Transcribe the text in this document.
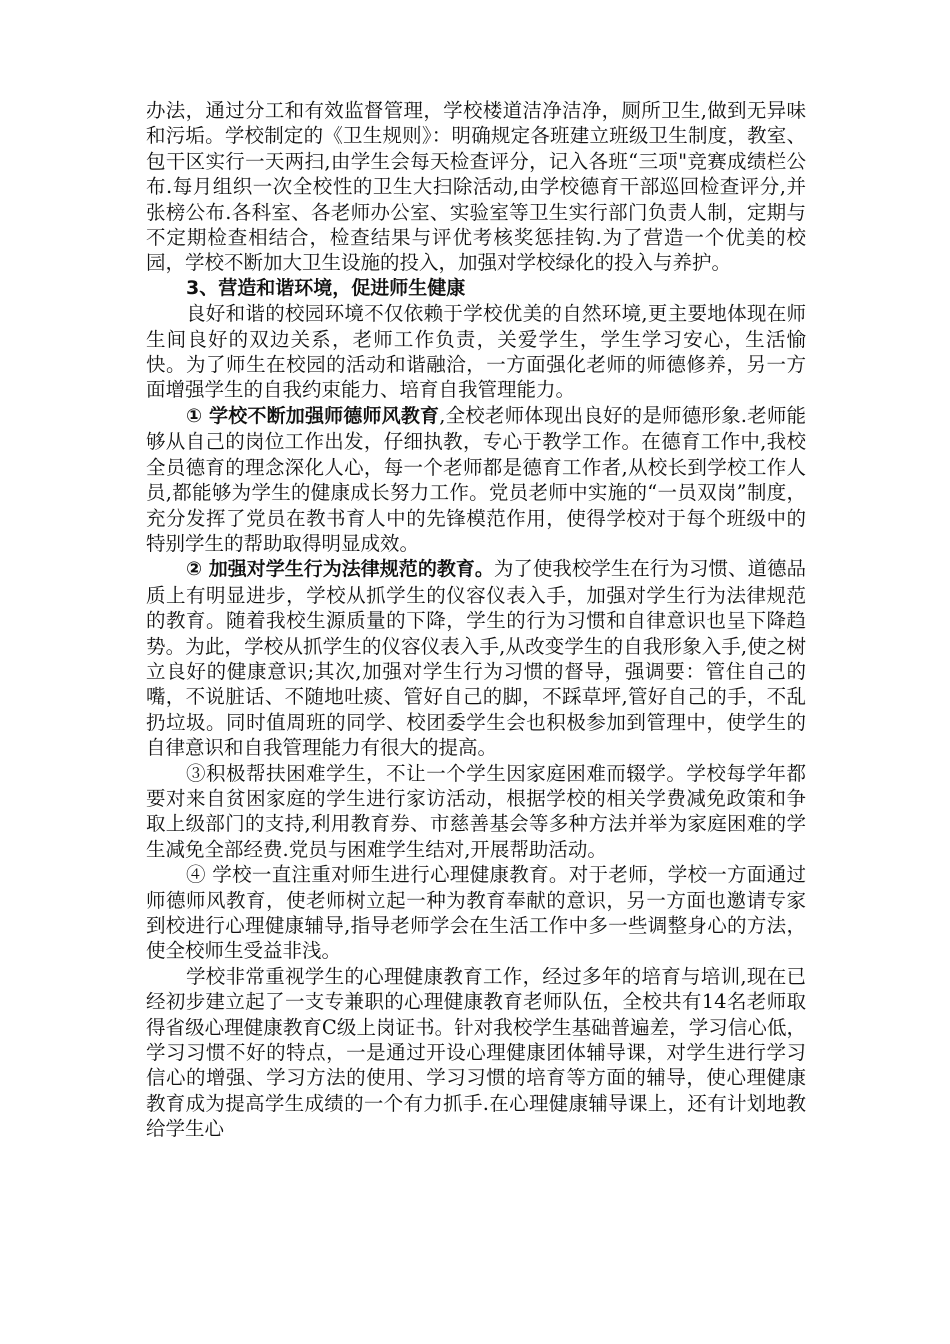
办法，通过分工和有效监督管理，学校楼道洁净洁净，厕所卫生,做到无异味和污垢。学校制定的《卫生规则》：明确规定各班建立班级卫生制度，教室、包干区实行一天两扫,由学生会每天检查评分，记入各班“三项"竞赛成绩栏公布.每月组织一次全校性的卫生大扫除活动,由学校德育干部巡回检查评分,并张榜公布.各科室、各老师办公室、实验室等卫生实行部门负责人制，定期与不定期检查相结合，检查结果与评优考核奖惩挂钩.为了营造一个优美的校园，学校不断加大卫生设施的投入，加强对学校绿化的投入与养护。

3、营造和谐环境，促进师生健康

良好和谐的校园环境不仅依赖于学校优美的自然环境,更主要地体现在师生间良好的双边关系，老师工作负责，关爱学生，学生学习安心，生活愉快。为了师生在校园的活动和谐融洽，一方面强化老师的师德修养，另一方面增强学生的自我约束能力、培育自我管理能力。

① 学校不断加强师德师风教育,全校老师体现出良好的是师德形象.老师能够从自己的岗位工作出发，仔细执教，专心于教学工作。在德育工作中,我校全员德育的理念深化人心，每一个老师都是德育工作者,从校长到学校工作人员,都能够为学生的健康成长努力工作。党员老师中实施的“一员双岗”制度，充分发挥了党员在教书育人中的先锋模范作用，使得学校对于每个班级中的特别学生的帮助取得明显成效。

② 加强对学生行为法律规范的教育。为了使我校学生在行为习惯、道德品质上有明显进步，学校从抓学生的仪容仪表入手，加强对学生行为法律规范的教育。随着我校生源质量的下降，学生的行为习惯和自律意识也呈下降趋势。为此，学校从抓学生的仪容仪表入手,从改变学生的自我形象入手,使之树立良好的健康意识;其次,加强对学生行为习惯的督导，强调要：管住自己的嘴，不说脏话、不随地吐痰、管好自己的脚，不踩草坪,管好自己的手，不乱扔垃圾。同时值周班的同学、校团委学生会也积极参加到管理中，使学生的自律意识和自我管理能力有很大的提高。

③积极帮扶困难学生，不让一个学生因家庭困难而辍学。学校每学年都要对来自贫困家庭的学生进行家访活动，根据学校的相关学费减免政策和争取上级部门的支持,利用教育券、市慈善基会等多种方法并举为家庭困难的学生减免全部经费.党员与困难学生结对,开展帮助活动。

④ 学校一直注重对师生进行心理健康教育。对于老师，学校一方面通过师德师风教育，使老师树立起一种为教育奉献的意识，另一方面也邀请专家到校进行心理健康辅导,指导老师学会在生活工作中多一些调整身心的方法，使全校师生受益非浅。

学校非常重视学生的心理健康教育工作，经过多年的培育与培训,现在已经初步建立起了一支专兼职的心理健康教育老师队伍，全校共有14名老师取得省级心理健康教育C级上岗证书。针对我校学生基础普遍差，学习信心低，学习习惯不好的特点，一是通过开设心理健康团体辅导课，对学生进行学习信心的增强、学习方法的使用、学习习惯的培育等方面的辅导，使心理健康教育成为提高学生成绩的一个有力抓手.在心理健康辅导课上，还有计划地教给学生心
